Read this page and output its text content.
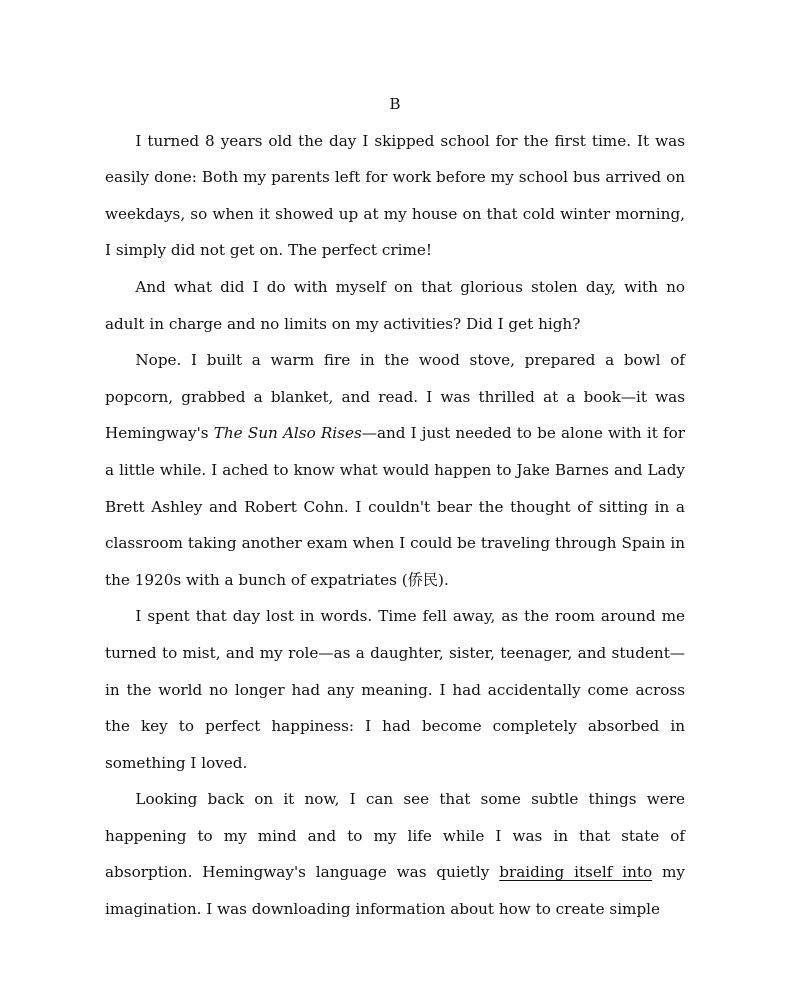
B

I turned 8 years old the day I skipped school for the first time. It was easily done: Both my parents left for work before my school bus arrived on weekdays, so when it showed up at my house on that cold winter morning, I simply did not get on. The perfect crime!

And what did I do with myself on that glorious stolen day, with no adult in charge and no limits on my activities? Did I get high?

Nope. I built a warm fire in the wood stove, prepared a bowl of popcorn, grabbed a blanket, and read. I was thrilled at a book—it was Hemingway's The Sun Also Rises—and I just needed to be alone with it for a little while. I ached to know what would happen to Jake Barnes and Lady Brett Ashley and Robert Cohn. I couldn't bear the thought of sitting in a classroom taking another exam when I could be traveling through Spain in the 1920s with a bunch of expatriates (侨民).

I spent that day lost in words. Time fell away, as the room around me turned to mist, and my role—as a daughter, sister, teenager, and student—in the world no longer had any meaning. I had accidentally come across the key to perfect happiness: I had become completely absorbed in something I loved.

Looking back on it now, I can see that some subtle things were happening to my mind and to my life while I was in that state of absorption. Hemingway's language was quietly braiding itself into my imagination. I was downloading information about how to create simple
